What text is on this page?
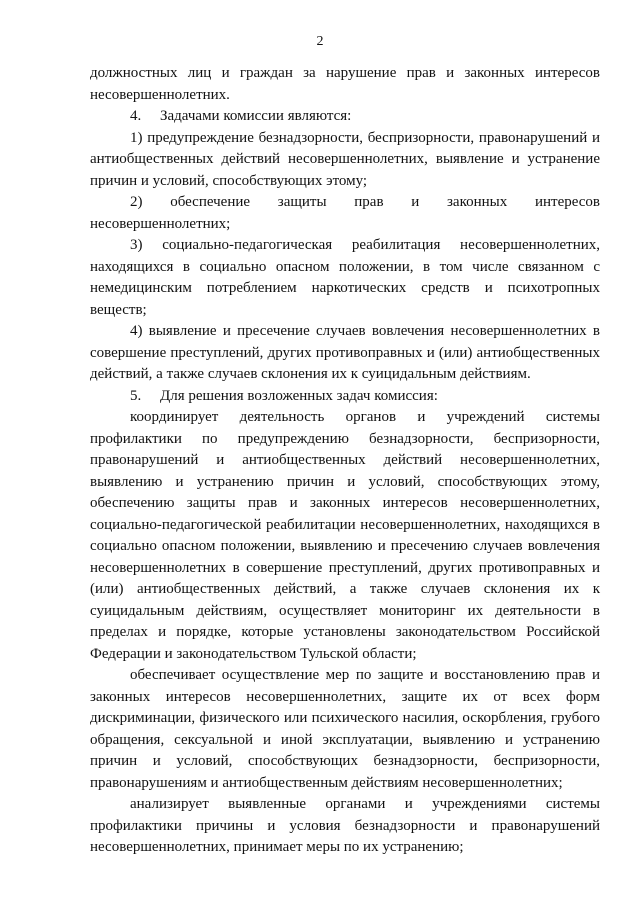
2

должностных лиц и граждан за нарушение прав и законных интересов несовершеннолетних.

4. Задачами комиссии являются:

1) предупреждение безнадзорности, беспризорности, правонарушений и антиобщественных действий несовершеннолетних, выявление и устранение причин и условий, способствующих этому;

2) обеспечение защиты прав и законных интересов несовершеннолетних;

3) социально-педагогическая реабилитация несовершеннолетних, находящихся в социально опасном положении, в том числе связанном с немедицинским потреблением наркотических средств и психотропных веществ;

4) выявление и пресечение случаев вовлечения несовершеннолетних в совершение преступлений, других противоправных и (или) антиобщественных действий, а также случаев склонения их к суицидальным действиям.

5. Для решения возложенных задач комиссия:

координирует деятельность органов и учреждений системы профилактики по предупреждению безнадзорности, беспризорности, правонарушений и антиобщественных действий несовершеннолетних, выявлению и устранению причин и условий, способствующих этому, обеспечению защиты прав и законных интересов несовершеннолетних, социально-педагогической реабилитации несовершеннолетних, находящихся в социально опасном положении, выявлению и пресечению случаев вовлечения несовершеннолетних в совершение преступлений, других противоправных и (или) антиобщественных действий, а также случаев склонения их к суицидальным действиям, осуществляет мониторинг их деятельности в пределах и порядке, которые установлены законодательством Российской Федерации и законодательством Тульской области;

обеспечивает осуществление мер по защите и восстановлению прав и законных интересов несовершеннолетних, защите их от всех форм дискриминации, физического или психического насилия, оскорбления, грубого обращения, сексуальной и иной эксплуатации, выявлению и устранению причин и условий, способствующих безнадзорности, беспризорности, правонарушениям и антиобщественным действиям несовершеннолетних;

анализирует выявленные органами и учреждениями системы профилактики причины и условия безнадзорности и правонарушений несовершеннолетних, принимает меры по их устранению;
